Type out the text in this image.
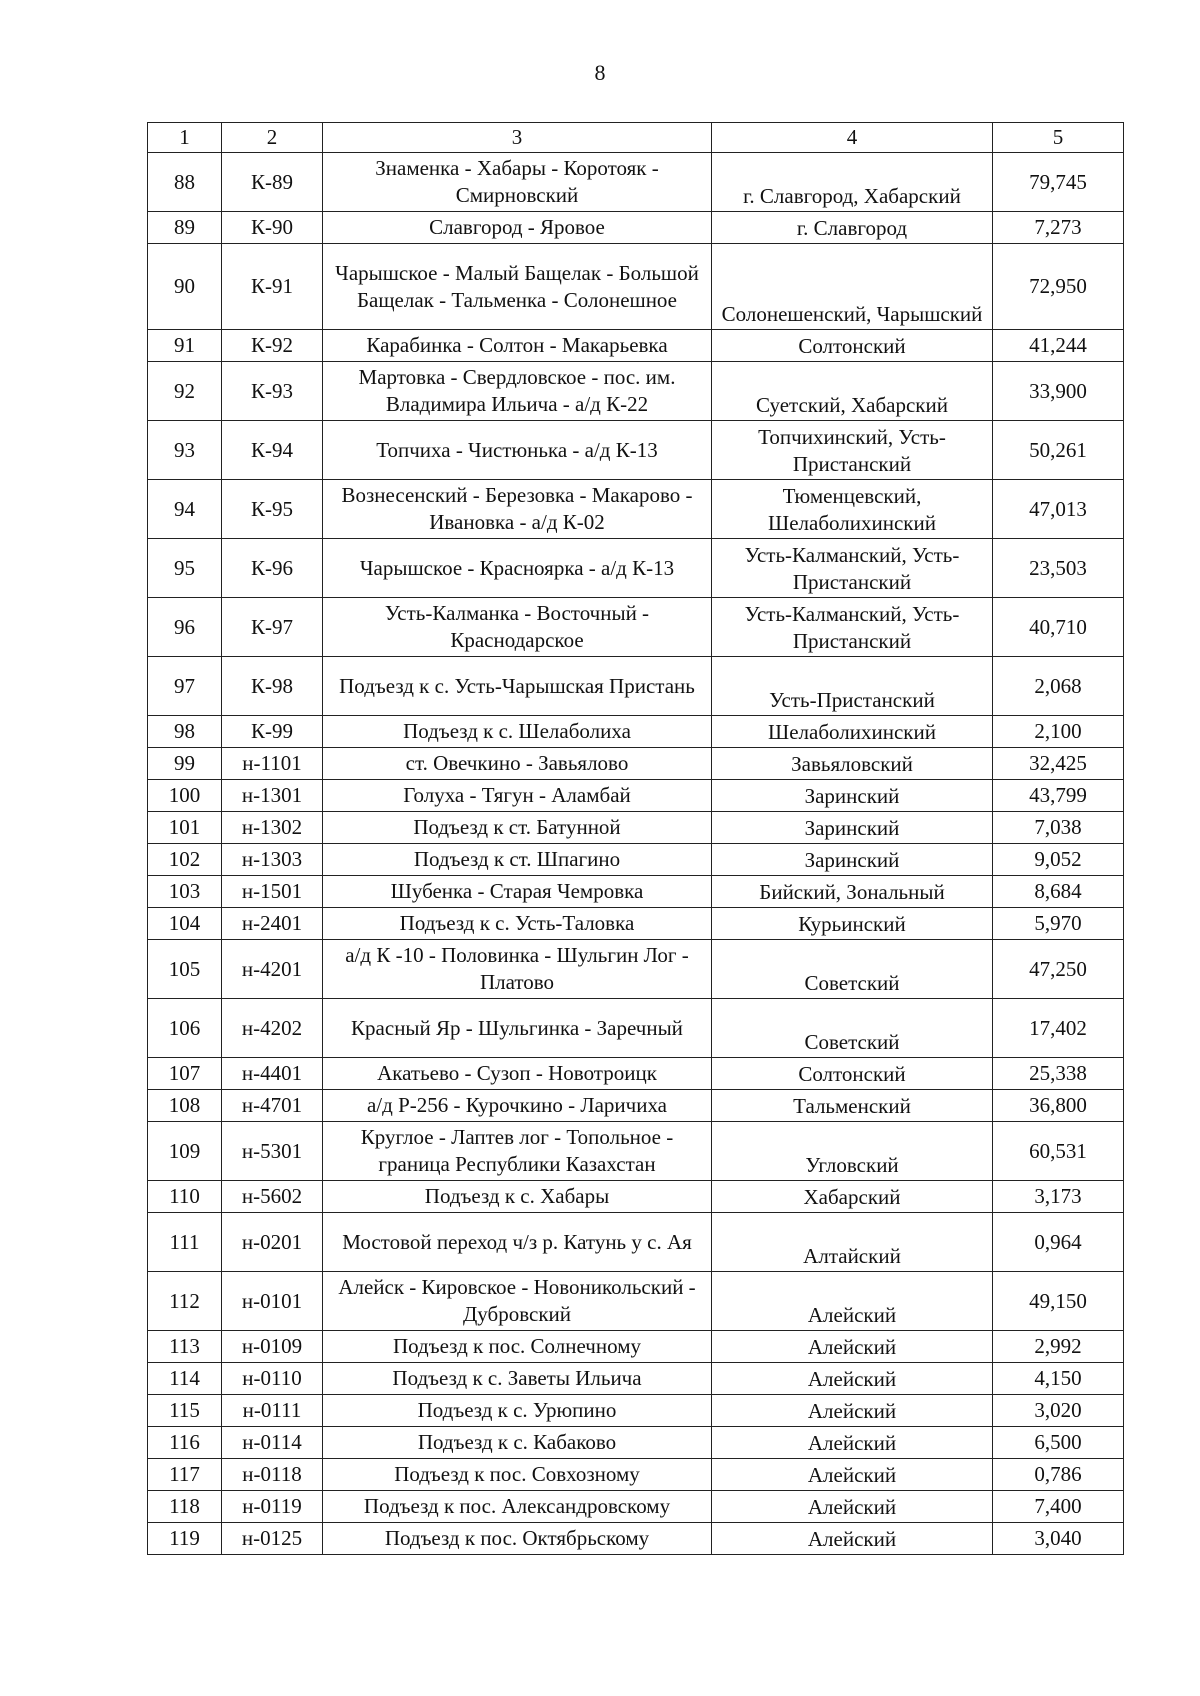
8
1	2	3	4	5
88	К-89	Знаменка - Хабары - Коротояк - Смирновский	г. Славгород, Хабарский	79,745
89	К-90	Славгород - Яровое	г. Славгород	7,273
90	К-91	Чарышское - Малый Бащелак - Большой Бащелак - Тальменка - Солонешное	Солонешенский, Чарышский	72,950
91	К-92	Карабинка - Солтон - Макарьевка	Солтонский	41,244
92	К-93	Мартовка - Свердловское - пос. им. Владимира Ильича - а/д К-22	Суетский, Хабарский	33,900
93	К-94	Топчиха - Чистюнька - а/д К-13	Топчихинский, Усть-Пристанский	50,261
94	К-95	Вознесенский - Березовка - Макарово - Ивановка - а/д К-02	Тюменцевский, Шелаболихинский	47,013
95	К-96	Чарышское - Красноярка - а/д К-13	Усть-Калманский, Усть-Пристанский	23,503
96	К-97	Усть-Калманка - Восточный - Краснодарское	Усть-Калманский, Усть-Пристанский	40,710
97	К-98	Подъезд к с. Усть-Чарышская Пристань	Усть-Пристанский	2,068
98	К-99	Подъезд к с. Шелаболиха	Шелаболихинский	2,100
99	н-1101	ст. Овечкино - Завьялово	Завьяловский	32,425
100	н-1301	Голуха - Тягун - Аламбай	Заринский	43,799
101	н-1302	Подъезд к ст. Батунной	Заринский	7,038
102	н-1303	Подъезд к ст. Шпагино	Заринский	9,052
103	н-1501	Шубенка - Старая Чемровка	Бийский, Зональный	8,684
104	н-2401	Подъезд к с. Усть-Таловка	Курьинский	5,970
105	н-4201	а/д К -10 - Половинка - Шульгин Лог - Платово	Советский	47,250
106	н-4202	Красный Яр - Шульгинка - Заречный	Советский	17,402
107	н-4401	Акатьево - Сузоп - Новотроицк	Солтонский	25,338
108	н-4701	а/д Р-256 - Курочкино - Ларичиха	Тальменский	36,800
109	н-5301	Круглое - Лаптев лог - Топольное - граница Республики Казахстан	Угловский	60,531
110	н-5602	Подъезд к с. Хабары	Хабарский	3,173
111	н-0201	Мостовой переход ч/з р. Катунь у с. Ая	Алтайский	0,964
112	н-0101	Алейск - Кировское - Новоникольский - Дубровский	Алейский	49,150
113	н-0109	Подъезд к пос. Солнечному	Алейский	2,992
114	н-0110	Подъезд к с. Заветы Ильича	Алейский	4,150
115	н-0111	Подъезд к с. Урюпино	Алейский	3,020
116	н-0114	Подъезд к с. Кабаково	Алейский	6,500
117	н-0118	Подъезд к пос. Совхозному	Алейский	0,786
118	н-0119	Подъезд к пос. Александровскому	Алейский	7,400
119	н-0125	Подъезд к пос. Октябрьскому	Алейский	3,040
